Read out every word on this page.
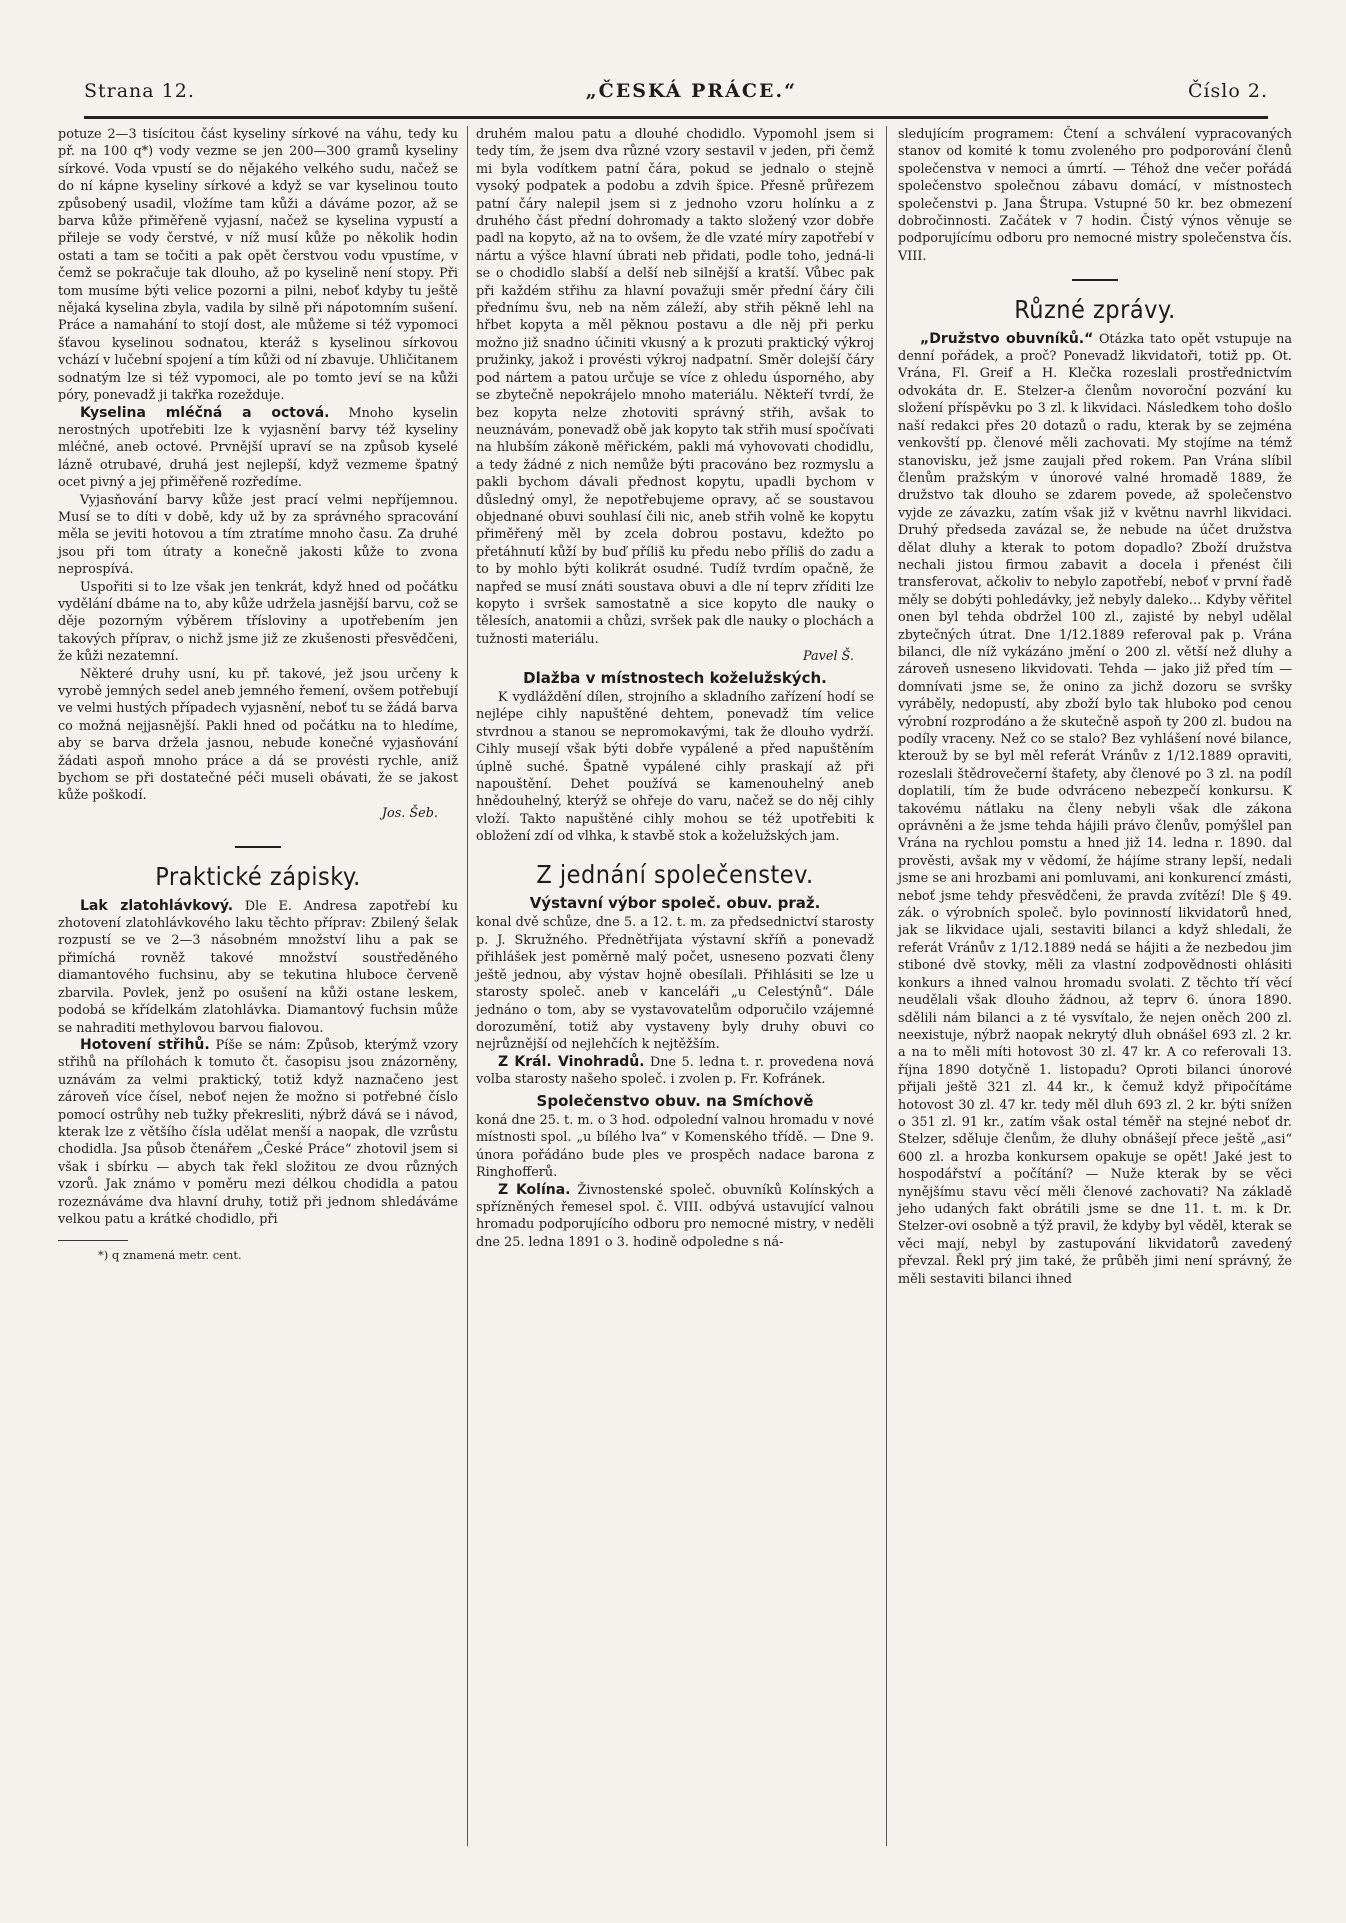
Strana 12.	„ČESKÁ PRÁCE.“	Číslo 2.

potuze 2—3 tisícitou část kyseliny sírkové na váhu, tedy ku př. na 100 q*) vody vezme se jen 200—300 gramů kyseliny sírkové. Voda vpustí se do nějakého velkého sudu, načež se do ní kápne kyseliny sírkové a když se var kyselinou touto způsobený usadil, vložíme tam kůži a dáváme pozor, až se barva kůže přiměřeně vyjasní, načež se kyselina vypustí a přileje se vody čerstvé, v níž musí kůže po několik hodin ostati a tam se točiti a pak opět čerstvou vodu vpustíme, v čemž se pokračuje tak dlouho, až po kyselině není stopy. Při tom musíme býti velice pozorni a pilni, neboť kdyby tu ještě nějaká kyselina zbyla, vadila by silně při nápotomním sušení. Práce a namahání to stojí dost, ale můžeme si též vypomoci šťavou kyselinou sodnatou, kteráž s kyselinou sírkovou vchází v lučební spojení a tím kůži od ní zbavuje. Uhličitanem sodnatým lze si též vypomoci, ale po tomto jeví se na kůži póry, ponevadž ji takřka rozežduje.

Kyselina mléčná a octová. Mnoho kyselin nerostných upotřebiti lze k vyjasnění barvy též kyseliny mléčné, aneb octové. Prvnější upraví se na způsob kyselé lázně otrubavé, druhá jest nejlepší, když vezmeme špatný ocet pivný a jej přiměřeně rozředíme.

Vyjasňování barvy kůže jest prací velmi nepříjemnou. Musí se to díti v době, kdy už by za správného spracování měla se jeviti hotovou a tím ztratíme mnoho času. Za druhé jsou při tom útraty a konečně jakosti kůže to zvona neprospívá.

Uspořiti si to lze však jen tenkrát, když hned od počátku vydělání dbáme na to, aby kůže udržela jasnější barvu, což se děje pozorným výběrem třísloviny a upotřebením jen takových příprav, o nichž jsme již ze zkušenosti přesvědčeni, že kůži nezatemní.

Některé druhy usní, ku př. takové, jež jsou určeny k vyrobě jemných sedel aneb jemného řemení, ovšem potřebují ve velmi hustých případech vyjasnění, neboť tu se žádá barva co možná nejjasnější. Pakli hned od počátku na to hledíme, aby se barva držela jasnou, nebude konečné vyjasňování žádati aspoň mnoho práce a dá se provésti rychle, aniž bychom se při dostatečné péči museli obávati, že se jakost kůže poškodí.

Jos. Šeb.
Praktické zápisky.

Lak zlatohlávkový. Dle E. Andresa zapotřebí ku zhotovení zlatohlávkového laku těchto příprav: Zbilený šelak rozpustí se ve 2—3 násobném množství lihu a pak se přimíchá rovněž takové množství soustředěného diamantového fuchsinu, aby se tekutina hluboce červeně zbarvila. Povlek, jenž po osušení na kůži ostane leskem, podobá se křídelkám zlatohlávka. Diamantový fuchsin může se nahraditi methylovou barvou fialovou.

Hotovení střihů. Píše se nám: Způsob, kterýmž vzory střihů na přílohách k tomuto čt. časopisu jsou znázorněny, uznávám za velmi praktický, totiž když naznačeno jest zároveň více čísel, neboť nejen že možno si potřebné číslo pomocí ostrůhy neb tužky překresliti, nýbrž dává se i návod, kterak lze z většího čísla udělat menší a naopak, dle vzrůstu chodidla. Jsa působ čtenářem „České Práce“ zhotovil jsem si však i sbírku — abych tak řekl složitou ze dvou různých vzorů. Jak známo v poměru mezi délkou chodidla a patou rozeznáváme dva hlavní druhy, totiž při jednom shledáváme velkou patu a krátké chodidlo, při

*) q znamená metr. cent.

druhém malou patu a dlouhé chodidlo. Vypomohl jsem si tedy tím, že jsem dva různé vzory sestavil v jeden, při čemž mi byla vodítkem patní čára, pokud se jednalo o stejně vysoký podpatek a podobu a zdvih špice. Přesně průřezem patní čáry nalepil jsem si z jednoho vzoru holínku a z druhého část přední dohromady a takto složený vzor dobře padl na kopyto, až na to ovšem, že dle vzaté míry zapotřebí v nártu a výšce hlavní úbrati neb přidati, podle toho, jedná-li se o chodidlo slabší a delší neb silnější a kratší. Vůbec pak při každém střihu za hlavní považuji směr přední čáry čili přednímu švu, neb na něm záleží, aby střih pěkně lehl na hřbet kopyta a měl pěknou postavu a dle něj při perku možno již snadno účiniti vkusný a k prozuti praktický výkroj pružinky, jakož i provésti výkroj nadpatní. Směr dolejší čáry pod nártem a patou určuje se více z ohledu úsporného, aby se zbytečně nepokrájelo mnoho materiálu. Někteří tvrdí, že bez kopyta nelze zhotoviti správný střih, avšak to neuznávám, ponevadž obě jak kopyto tak střih musí spočívati na hlubším zákoně měřickém, pakli má vyhovovati chodidlu, a tedy žádné z nich nemůže býti pracováno bez rozmyslu a pakli bychom dávali přednost kopytu, upadli bychom v důsledný omyl, že nepotřebujeme opravy, ač se soustavou objednané obuvi souhlasí čili nic, aneb střih volně ke kopytu přiměřený měl by zcela dobrou postavu, kdežto po přetáhnutí kůží by buď příliš ku předu nebo příliš do zadu a to by mohlo býti kolikrát osudné. Tudíž tvrdím opačně, že napřed se musí znáti soustava obuvi a dle ní teprv zříditi lze kopyto i svršek samostatně a sice kopyto dle nauky o tělesích, anatomii a chůzi, svršek pak dle nauky o plochách a tužnosti materiálu.

Pavel Š.
Dlažba v místnostech koželužských.

K vydláždění dílen, strojního a skladního zařízení hodí se nejlépe cihly napuštěné dehtem, ponevadž tím velice stvrdnou a stanou se nepromokavými, tak že dlouho vydrží. Cihly musejí však býti dobře vypálené a před napuštěním úplně suché. Špatně vypálené cihly praskají až při napouštění. Dehet používá se kamenouhelný aneb hnědouhelný, kterýž se ohřeje do varu, načež se do něj cihly vloží. Takto napuštěné cihly mohou se též upotřebiti k obložení zdí od vlhka, k stavbě stok a koželužských jam.

Z jednání společenstev.
Výstavní výbor společ. obuv. praž.

konal dvě schůze, dne 5. a 12. t. m. za předsednictví starosty p. J. Skružného. Přednětřijata výstavní skříň a ponevadž přihlášek jest poměrně malý počet, usneseno pozvati členy ještě jednou, aby výstav hojně obesílali. Přihlásiti se lze u starosty společ. aneb v kanceláři „u Celestýnů“. Dále jednáno o tom, aby se vystavovatelům odporučilo vzájemné dorozumění, totiž aby vystaveny byly druhy obuvi co nejrůznější od nejlehčích k nejtěžším.

Z Král. Vinohradů. Dne 5. ledna t. r. provedena nová volba starosty našeho společ. i zvolen p. Fr. Kofránek.

Společenstvo obuv. na Smíchově

koná dne 25. t. m. o 3 hod. odpolední valnou hromadu v nové místnosti spol. „u bílého lva“ v Komenského třídě. — Dne 9. února pořádáno bude ples ve prospěch nadace barona z Ringhofferů.

Z Kolína. Živnostenské společ. obuvníků Kolínských a spřízněných řemesel spol. č. VIII. odbývá ustavující valnou hromadu podporujícího odboru pro nemocné mistry, v neděli dne 25. ledna 1891 o 3. hodině odpoledne s ná-

sledujícím programem: Čtení a schválení vypracovaných stanov od komité k tomu zvoleného pro podporování členů společenstva v nemoci a úmrtí. — Téhož dne večer pořádá společenstvo společnou zábavu domácí, v místnostech společenstvi p. Jana Štrupa. Vstupné 50 kr. bez obmezení dobročinnosti. Začátek v 7 hodin. Čistý výnos věnuje se podporujícímu odboru pro nemocné mistry společenstva čís. VIII.

Různé zprávy.

„Družstvo obuvníků.“ Otázka tato opět vstupuje na denní pořádek, a proč? Ponevadž likvidatoři, totiž pp. Ot. Vrána, Fl. Greif a H. Klečka rozeslali prostřednictvím odvokáta dr. E. Stelzer-a členům novoroční pozvání ku složení příspěvku po 3 zl. k likvidaci. Následkem toho došlo naší redakci přes 20 dotazů o radu, kterak by se zejména venkovští pp. členové měli zachovati. My stojíme na témž stanovisku, jež jsme zaujali před rokem. Pan Vrána slíbil členům pražským v únorové valné hromadě 1889, že družstvo tak dlouho se zdarem povede, až společenstvo vyjde ze závazku, zatím však již v květnu navrhl likvidaci. Druhý předseda zavázal se, že nebude na účet družstva dělat dluhy a kterak to potom dopadlo? Zboží družstva nechali jistou firmou zabavit a docela i přenést čili transferovat, ačkoliv to nebylo zapotřebí, neboť v první řadě měly se dobýti pohledávky, jež nebyly daleko… Kdyby věřitel onen byl tehda obdržel 100 zl., zajisté by nebyl udělal zbytečných útrat. Dne 1/12.1889 referoval pak p. Vrána bilanci, dle níž vykázáno jmění o 200 zl. větší než dluhy a zároveň usneseno likvidovati. Tehda — jako již před tím — domnívati jsme se, že onino za jichž dozoru se svršky vyráběly, nedopustí, aby zboží bylo tak hluboko pod cenou výrobní rozprodáno a že skutečně aspoň ty 200 zl. budou na podíly vraceny. Než co se stalo? Bez vyhlášení nové bilance, kterouž by se byl měl referát Vránův z 1/12.1889 opraviti, rozeslali štědrovečerní štafety, aby členové po 3 zl. na podíl doplatili, tím že bude odvráceno nebezpečí konkursu. K takovému nátlaku na členy nebyli však dle zákona oprávněni a že jsme tehda hájili právo členův, pomýšlel pan Vrána na rychlou pomstu a hned již 14. ledna r. 1890. dal prověsti, avšak my v vědomí, že hájíme strany lepší, nedali jsme se ani hrozbami ani pomluvami, ani konkurencí zmásti, neboť jsme tehdy přesvědčeni, že pravda zvítězí! Dle § 49. zák. o výrobních společ. bylo povinností likvidatorů hned, jak se likvidace ujali, sestaviti bilanci a když shledali, že referát Vránův z 1/12.1889 nedá se hájiti a že nezbedou jim stiboné dvě stovky, měli za vlastní zodpovědnosti ohlásiti konkurs a ihned valnou hromadu svolati. Z těchto tří věcí neudělali však dlouho žádnou, až teprv 6. února 1890. sdělili nám bilanci a z té vysvítalo, že nejen oněch 200 zl. neexistuje, nýbrž naopak nekrytý dluh obnášel 693 zl. 2 kr. a na to měli míti hotovost 30 zl. 47 kr. A co referovali 13. října 1890 dotyčně 1. listopadu? Oproti bilanci únorové přijali ještě 321 zl. 44 kr., k čemuž když připočítáme hotovost 30 zl. 47 kr. tedy měl dluh 693 zl. 2 kr. býti snížen o 351 zl. 91 kr., zatím však ostal téměř na stejné neboť dr. Stelzer, sděluje členům, že dluhy obnášejí přece ještě „asi“ 600 zl. a hrozba konkursem opakuje se opět! Jaké jest to hospodářství a počítání? — Nuže kterak by se věci nynějšímu stavu věcí měli členové zachovati? Na základě jeho udaných fakt obrátili jsme se dne 11. t. m. k Dr. Stelzer-ovi osobně a týž pravil, že kdyby byl věděl, kterak se věci mají, nebyl by zastupování likvidatorů zavedený převzal. Řekl prý jim také, že průběh jimi není správný, že měli sestaviti bilanci ihned
